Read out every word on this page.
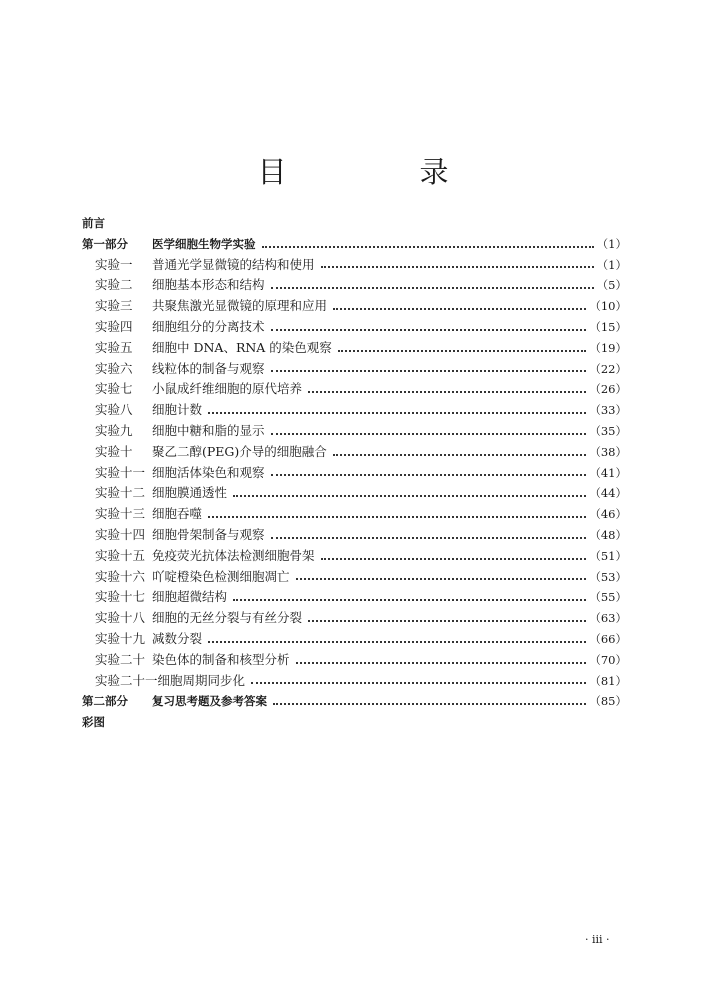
目　录
前言
第一部分	医学细胞生物学实验	（1）
实验一	普通光学显微镜的结构和使用	（1）
实验二	细胞基本形态和结构	（5）
实验三	共聚焦激光显微镜的原理和应用	（10）
实验四	细胞组分的分离技术	（15）
实验五	细胞中 DNA、RNA 的染色观察	（19）
实验六	线粒体的制备与观察	（22）
实验七	小鼠成纤维细胞的原代培养	（26）
实验八	细胞计数	（33）
实验九	细胞中糖和脂的显示	（35）
实验十	聚乙二醇(PEG)介导的细胞融合	（38）
实验十一 细胞活体染色和观察	（41）
实验十二 细胞膜通透性	（44）
实验十三 细胞吞噬	（46）
实验十四 细胞骨架制备与观察	（48）
实验十五 免疫荧光抗体法检测细胞骨架	（51）
实验十六 吖啶橙染色检测细胞凋亡	（53）
实验十七 细胞超微结构	（55）
实验十八 细胞的无丝分裂与有丝分裂	（63）
实验十九 减数分裂	（66）
实验二十 染色体的制备和核型分析	（70）
实验二十一 细胞周期同步化	（81）
第二部分	复习思考题及参考答案	（85）
彩图
· iii ·
